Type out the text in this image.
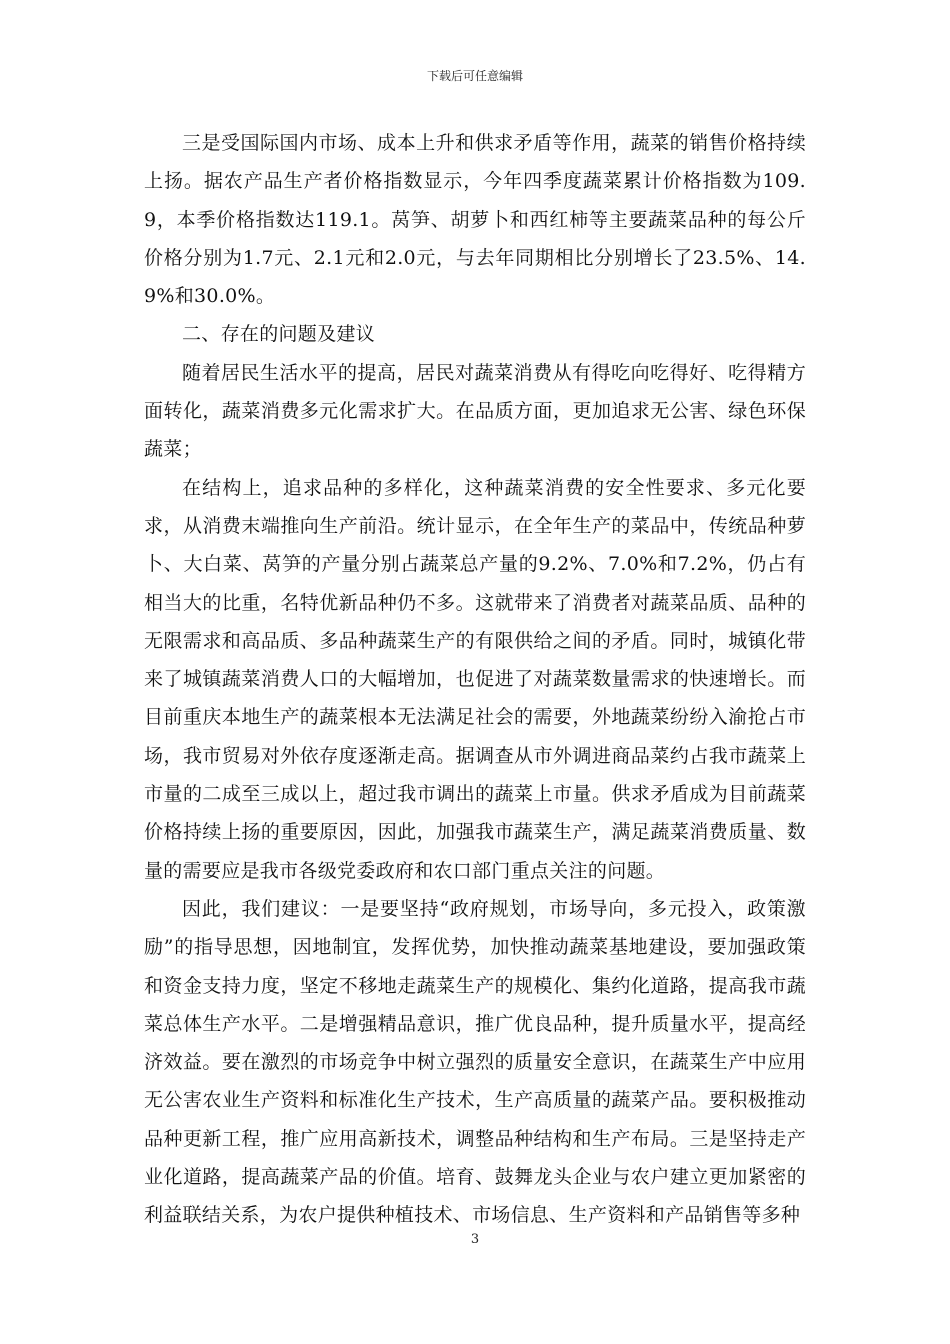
下载后可任意编辑

三是受国际国内市场、成本上升和供求矛盾等作用，蔬菜的销售价格持续上扬。据农产品生产者价格指数显示，今年四季度蔬菜累计价格指数为109.9，本季价格指数达119.1。莴笋、胡萝卜和西红柿等主要蔬菜品种的每公斤价格分别为1.7元、2.1元和2.0元，与去年同期相比分别增长了23.5%、14.9%和30.0%。

二、存在的问题及建议

随着居民生活水平的提高，居民对蔬菜消费从有得吃向吃得好、吃得精方面转化，蔬菜消费多元化需求扩大。在品质方面，更加追求无公害、绿色环保蔬菜；

在结构上，追求品种的多样化，这种蔬菜消费的安全性要求、多元化要求，从消费末端推向生产前沿。统计显示，在全年生产的菜品中，传统品种萝卜、大白菜、莴笋的产量分别占蔬菜总产量的9.2%、7.0%和7.2%，仍占有相当大的比重，名特优新品种仍不多。这就带来了消费者对蔬菜品质、品种的无限需求和高品质、多品种蔬菜生产的有限供给之间的矛盾。同时，城镇化带来了城镇蔬菜消费人口的大幅增加，也促进了对蔬菜数量需求的快速增长。而目前重庆本地生产的蔬菜根本无法满足社会的需要，外地蔬菜纷纷入渝抢占市场，我市贸易对外依存度逐渐走高。据调查从市外调进商品菜约占我市蔬菜上市量的二成至三成以上，超过我市调出的蔬菜上市量。供求矛盾成为目前蔬菜价格持续上扬的重要原因，因此，加强我市蔬菜生产，满足蔬菜消费质量、数量的需要应是我市各级党委政府和农口部门重点关注的问题。

因此，我们建议：一是要坚持“政府规划，市场导向，多元投入，政策激励”的指导思想，因地制宜，发挥优势，加快推动蔬菜基地建设，要加强政策和资金支持力度，坚定不移地走蔬菜生产的规模化、集约化道路，提高我市蔬菜总体生产水平。二是增强精品意识，推广优良品种，提升质量水平，提高经济效益。要在激烈的市场竞争中树立强烈的质量安全意识，在蔬菜生产中应用无公害农业生产资料和标准化生产技术，生产高质量的蔬菜产品。要积极推动品种更新工程，推广应用高新技术，调整品种结构和生产布局。三是坚持走产业化道路，提高蔬菜产品的价值。培育、鼓舞龙头企业与农户建立更加紧密的利益联结关系，为农户提供种植技术、市场信息、生产资料和产品销售等多种

3
